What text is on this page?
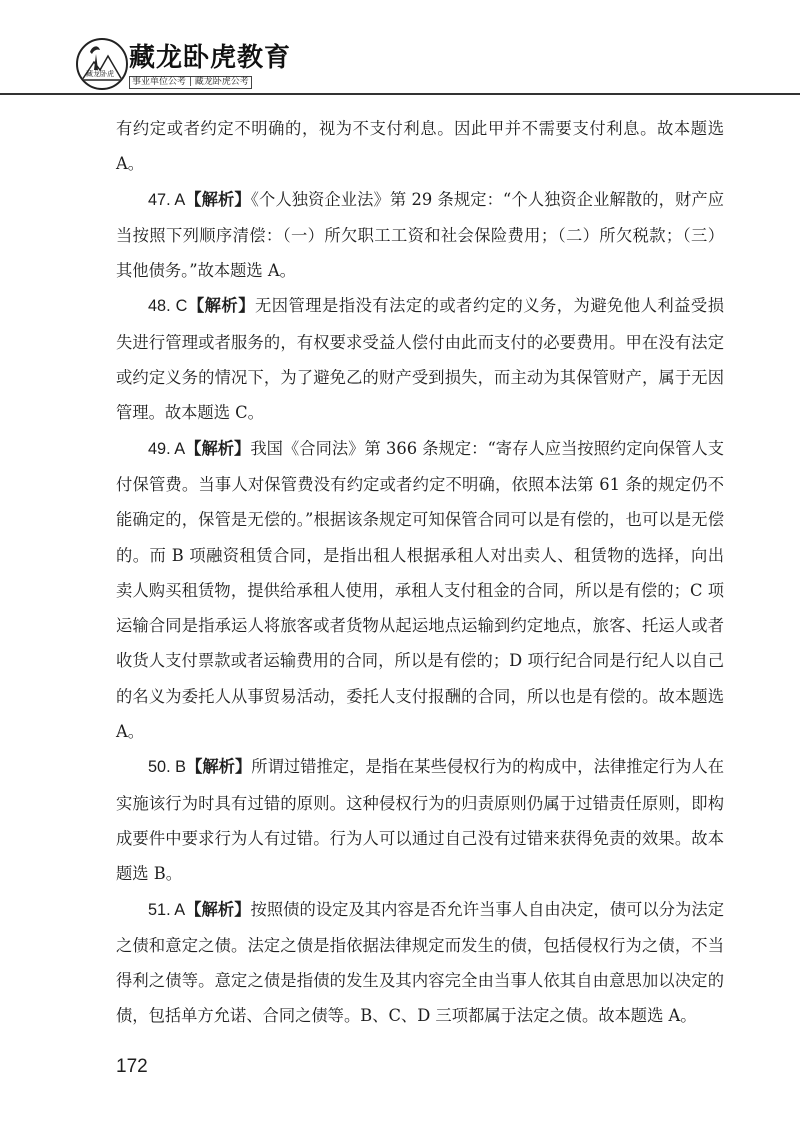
藏龙卧虎
藏龙卧虎教育
事业单位公考 | 藏龙卧虎公考

有约定或者约定不明确的，视为不支付利息。因此甲并不需要支付利息。故本题选 A。

47. A【解析】《个人独资企业法》第 29 条规定：“个人独资企业解散的，财产应当按照下列顺序清偿：（一）所欠职工工资和社会保险费用；（二）所欠税款；（三）其他债务。”故本题选 A。

48. C【解析】无因管理是指没有法定的或者约定的义务，为避免他人利益受损失进行管理或者服务的，有权要求受益人偿付由此而支付的必要费用。甲在没有法定或约定义务的情况下，为了避免乙的财产受到损失，而主动为其保管财产，属于无因管理。故本题选 C。

49. A【解析】我国《合同法》第 366 条规定：“寄存人应当按照约定向保管人支付保管费。当事人对保管费没有约定或者约定不明确，依照本法第 61 条的规定仍不能确定的，保管是无偿的。”根据该条规定可知保管合同可以是有偿的，也可以是无偿的。而 B 项融资租赁合同，是指出租人根据承租人对出卖人、租赁物的选择，向出卖人购买租赁物，提供给承租人使用，承租人支付租金的合同，所以是有偿的；C 项运输合同是指承运人将旅客或者货物从起运地点运输到约定地点，旅客、托运人或者收货人支付票款或者运输费用的合同，所以是有偿的；D 项行纪合同是行纪人以自己的名义为委托人从事贸易活动，委托人支付报酬的合同，所以也是有偿的。故本题选 A。

50. B【解析】所谓过错推定，是指在某些侵权行为的构成中，法律推定行为人在实施该行为时具有过错的原则。这种侵权行为的归责原则仍属于过错责任原则，即构成要件中要求行为人有过错。行为人可以通过自己没有过错来获得免责的效果。故本题选 B。

51. A【解析】按照债的设定及其内容是否允许当事人自由决定，债可以分为法定之债和意定之债。法定之债是指依据法律规定而发生的债，包括侵权行为之债，不当得利之债等。意定之债是指债的发生及其内容完全由当事人依其自由意思加以决定的债，包括单方允诺、合同之债等。B、C、D 三项都属于法定之债。故本题选 A。

172
